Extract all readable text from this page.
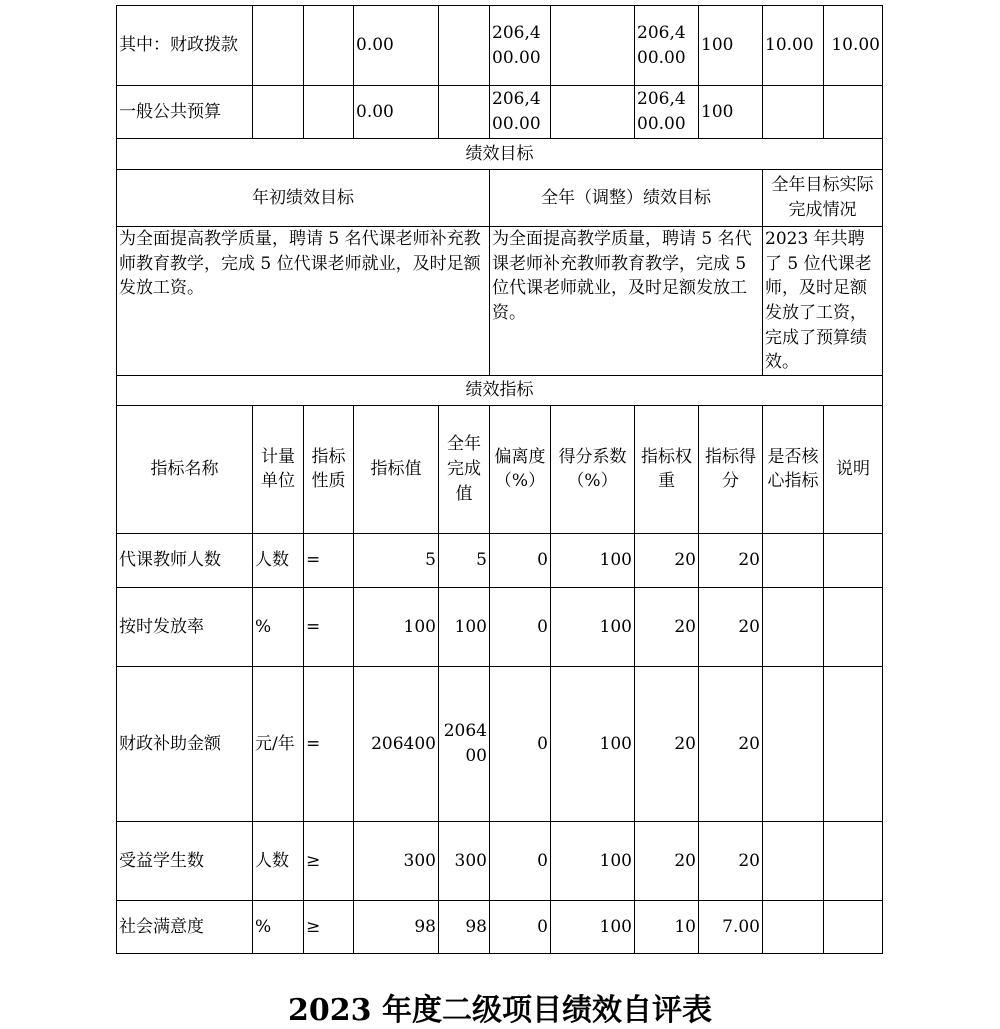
其中：财政拨款			0.00		206,400.00		206,400.00	100	10.00	10.00
一般公共预算			0.00		206,400.00		206,400.00	100		
绩效目标										
年初绩效目标					全年（调整）绩效目标				全年目标实际完成情况	
为全面提高教学质量，聘请 5 名代课老师补充教师教育教学，完成 5 位代课老师就业，及时足额发放工资。					为全面提高教学质量，聘请 5 名代课老师补充教师教育教学，完成 5 位代课老师就业，及时足额发放工资。				2023 年共聘了 5 位代课老师，及时足额发放了工资，完成了预算绩效。	
绩效指标										
指标名称	计量单位	指标性质	指标值	全年完成值	偏离度（%）	得分系数（%）	指标权重	指标得分	是否核心指标	说明
代课教师人数	人数	=	5	5	0	100	20	20		
按时发放率	%	=	100	100	0	100	20	20		
财政补助金额	元/年	=	206400	206400	0	100	20	20		
受益学生数	人数	≥	300	300	0	100	20	20		
社会满意度	%	≥	98	98	0	100	10	7.00		
2023 年度二级项目绩效自评表
